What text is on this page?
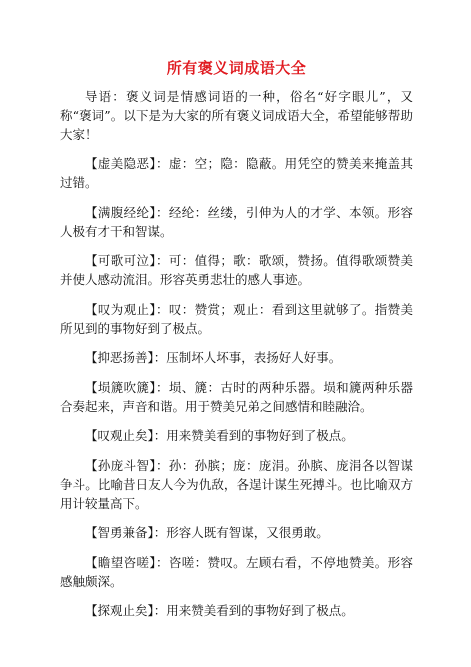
所有褒义词成语大全

导语：褒义词是情感词语的一种，俗名“好字眼儿”，又称“褒词”。以下是为大家的所有褒义词成语大全，希望能够帮助大家！

【虚美隐恶】：虚：空；隐：隐蔽。用凭空的赞美来掩盖其过错。

【满腹经纶】：经纶：丝缕，引伸为人的才学、本领。形容人极有才干和智谋。

【可歌可泣】：可：值得；歌：歌颂，赞扬。值得歌颂赞美并使人感动流泪。形容英勇悲壮的感人事迹。

【叹为观止】：叹：赞赏；观止：看到这里就够了。指赞美所见到的事物好到了极点。

【抑恶扬善】：压制坏人坏事，表扬好人好事。

【埙篪吹篪】：埙、篪：古时的两种乐器。埙和篪两种乐器合奏起来，声音和谐。用于赞美兄弟之间感情和睦融洽。

【叹观止矣】：用来赞美看到的事物好到了极点。

【孙庞斗智】：孙：孙膑；庞：庞涓。孙膑、庞涓各以智谋争斗。比喻昔日友人今为仇敌，各逞计谋生死搏斗。也比喻双方用计较量高下。

【智勇兼备】：形容人既有智谋，又很勇敢。

【瞻望咨嗟】：咨嗟：赞叹。左顾右看，不停地赞美。形容感触颇深。

【探观止矣】：用来赞美看到的事物好到了极点。
